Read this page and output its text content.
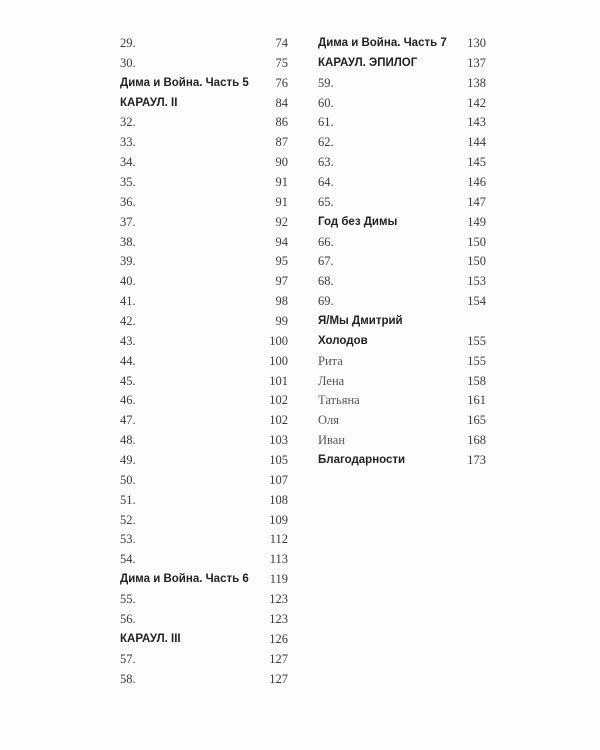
29.	74
30.	75
Дима и Война. Часть 5 76
КАРАУЛ. II	84
32.	86
33.	87
34.	90
35.	91
36.	91
37.	92
38.	94
39.	95
40.	97
41.	98
42.	99
43.	100
44.	100
45.	101
46.	102
47.	102
48.	103
49.	105
50.	107
51.	108
52.	109
53.	112
54.	113
Дима и Война. Часть 6 119
55.	123
56.	123
КАРАУЛ. III	126
57.	127
58.	127
Дима и Война. Часть 7 130
КАРАУЛ. ЭПИЛОГ	137
59.	138
60.	142
61.	143
62.	144
63.	145
64.	146
65.	147
Год без Димы	149
66.	150
67.	150
68.	153
69.	154
Я/Мы Дмитрий
Холодов	155
Рита	155
Лена	158
Татьяна	161
Оля	165
Иван	168
Благодарности	173
